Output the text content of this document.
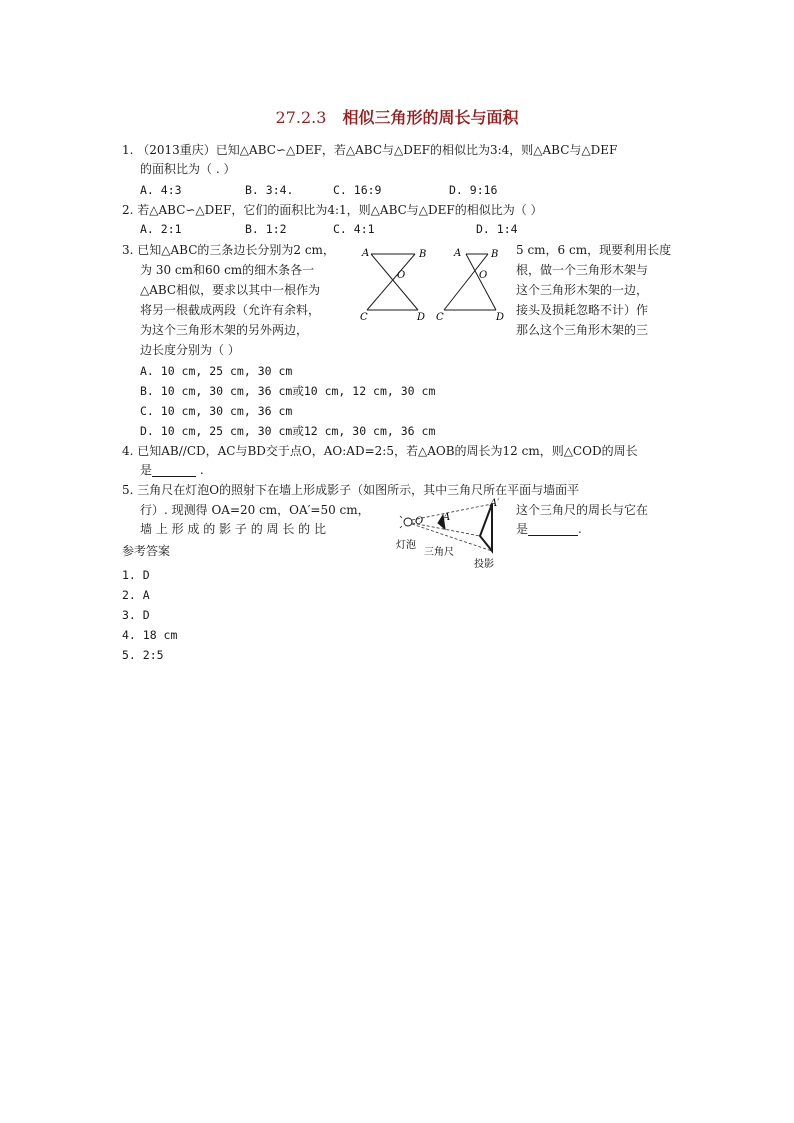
27.2.3 相似三角形的周长与面积
1. （2013重庆）已知△ABC∽△DEF，若△ABC与△DEF的相似比为3:4，则△ABC与△DEF
的面积比为（ . ）
A. 4:3	B. 3:4.	C. 16:9	D. 9:16
2. 若△ABC∽△DEF，它们的面积比为4:1，则△ABC与△DEF的相似比为（ ）
A. 2:1	B. 1:2	C. 4:1	D. 1:4
3. 已知△ABC的三条边长分别为2 cm，
为 30 cm和60 cm的细木条各一
△ABC相似，要求以其中一根作为
将另一根截成两段（允许有余料，
为这个三角形木架的另外两边，
边长度分别为（ ）
5 cm，6 cm，现要利用长度
根，做一个三角形木架与
这个三角形木架的一边，
接头及损耗忽略不计）作
那么这个三角形木架的三
A	B
O
C	D
A	B
O
C	D
A. 10 cm, 25 cm, 30 cm
B. 10 cm, 30 cm, 36 cm或10 cm, 12 cm, 30 cm
C. 10 cm, 30 cm, 36 cm
D. 10 cm, 25 cm, 30 cm或12 cm, 30 cm, 36 cm
4. 已知AB//CD，AC与BD交于点O，AO:AD=2:5，若△AOB的周长为12 cm，则△COD的周长
是	.
5. 三角尺在灯泡O的照射下在墙上形成影子（如图所示，其中三角尺所在平面与墙面平
行）. 现测得 OA=20 cm，OA′=50 cm，	这个三角尺的周长与它在
墙 上 形 成 的 影 子 的 周 长 的 比	是	.
O A
A′
灯泡
三角尺
投影
参考答案
1. D
2. A
3. D
4. 18 cm
5. 2:5
